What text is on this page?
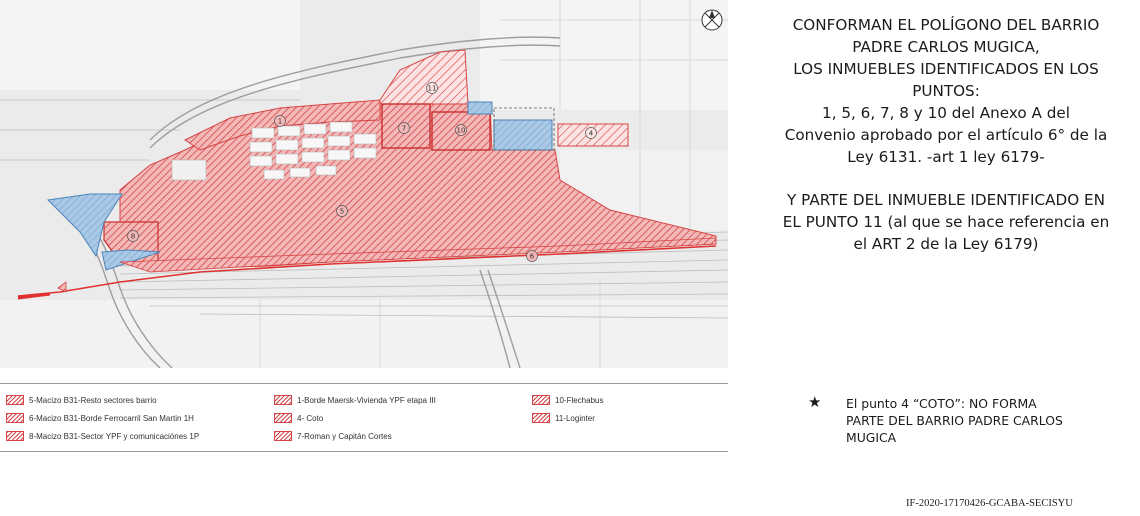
11
1
7	10	4
5
8
6
5-Macizo B31-Resto sectores barrio
6-Macizo B31-Borde Ferrocarril San Martin 1H
8-Macizo B31-Sector YPF y comunicaciónes 1P
1-Borde Maersk-Vivienda YPF etapa III
4- Coto
7-Roman y Capitán Cortes
10-Flechabus
11-Loginter

CONFORMAN EL POLÍGONO DEL BARRIO

PADRE CARLOS MUGICA,

LOS INMUEBLES IDENTIFICADOS EN LOS

PUNTOS:

1, 5, 6, 7, 8 y 10 del Anexo A del

Convenio aprobado por el artículo 6° de la

Ley 6131. -art 1 ley 6179-

Y PARTE DEL INMUEBLE IDENTIFICADO EN

EL PUNTO 11 (al que se hace referencia en

el ART 2 de la Ley 6179)

★ El punto 4 “COTO”: NO FORMA
PARTE DEL BARRIO PADRE CARLOS
MUGICA
IF-2020-17170426-GCABA-SECISYU
